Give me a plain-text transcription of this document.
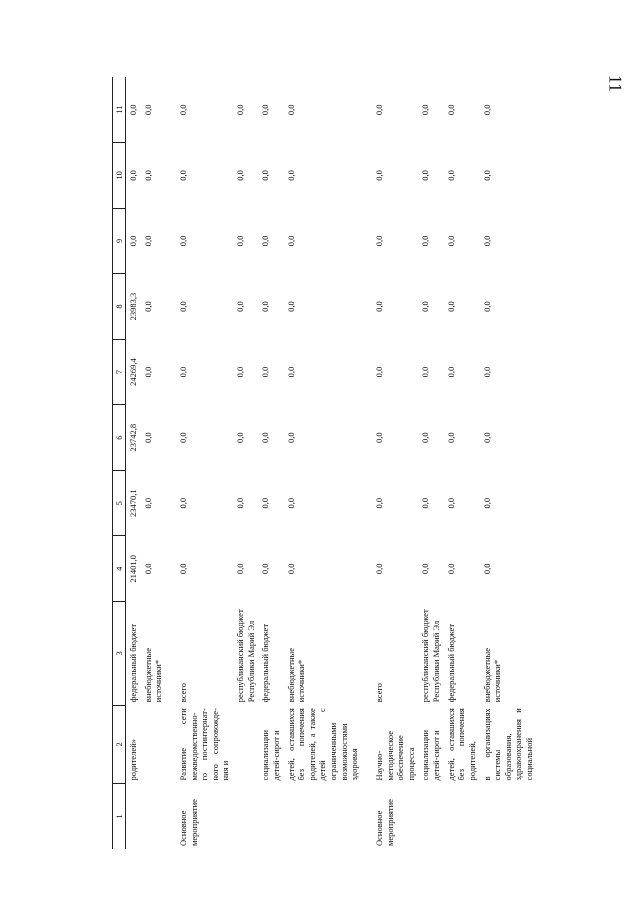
11
1	2	3	4	5	6	7	8	9	10	11
	родителей»	федеральный бюджет	21401,0	23470,1	23742,8	24269,4	23983,3	0,0	0,0	0,0
		внебюджетные источники*	0,0	0,0	0,0	0,0	0,0	0,0	0,0	0,0
Основное мероприятие	Развитие сети межведомственно-го постинтернат-ного сопровожде-ния и	всего	0,0	0,0	0,0	0,0	0,0	0,0	0,0	0,0
		республиканский бюджет Республики Марий Эл	0,0	0,0	0,0	0,0	0,0	0,0	0,0	0,0
	социализации детей-сирот и	федеральный бюджет	0,0	0,0	0,0	0,0	0,0	0,0	0,0	0,0
	детей, оставшихся без попечения родителей, а также детей с ограниченными возможностями здоровья	внебюджетные источники*	0,0	0,0	0,0	0,0	0,0	0,0	0,0	0,0
Основное мероприятие	Научно-методическое обеспечение процесса	всего	0,0	0,0	0,0	0,0	0,0	0,0	0,0	0,0
	социализации детей-сирот и	республиканский бюджет Республики Марий Эл	0,0	0,0	0,0	0,0	0,0	0,0	0,0	0,0
	детей, оставшихся без попечения родителей,	федеральный бюджет	0,0	0,0	0,0	0,0	0,0	0,0	0,0	0,0
	в организациях системы образования, здравоохранения и социальной	внебюджетные источники*	0,0	0,0	0,0	0,0	0,0	0,0	0,0	0,0
